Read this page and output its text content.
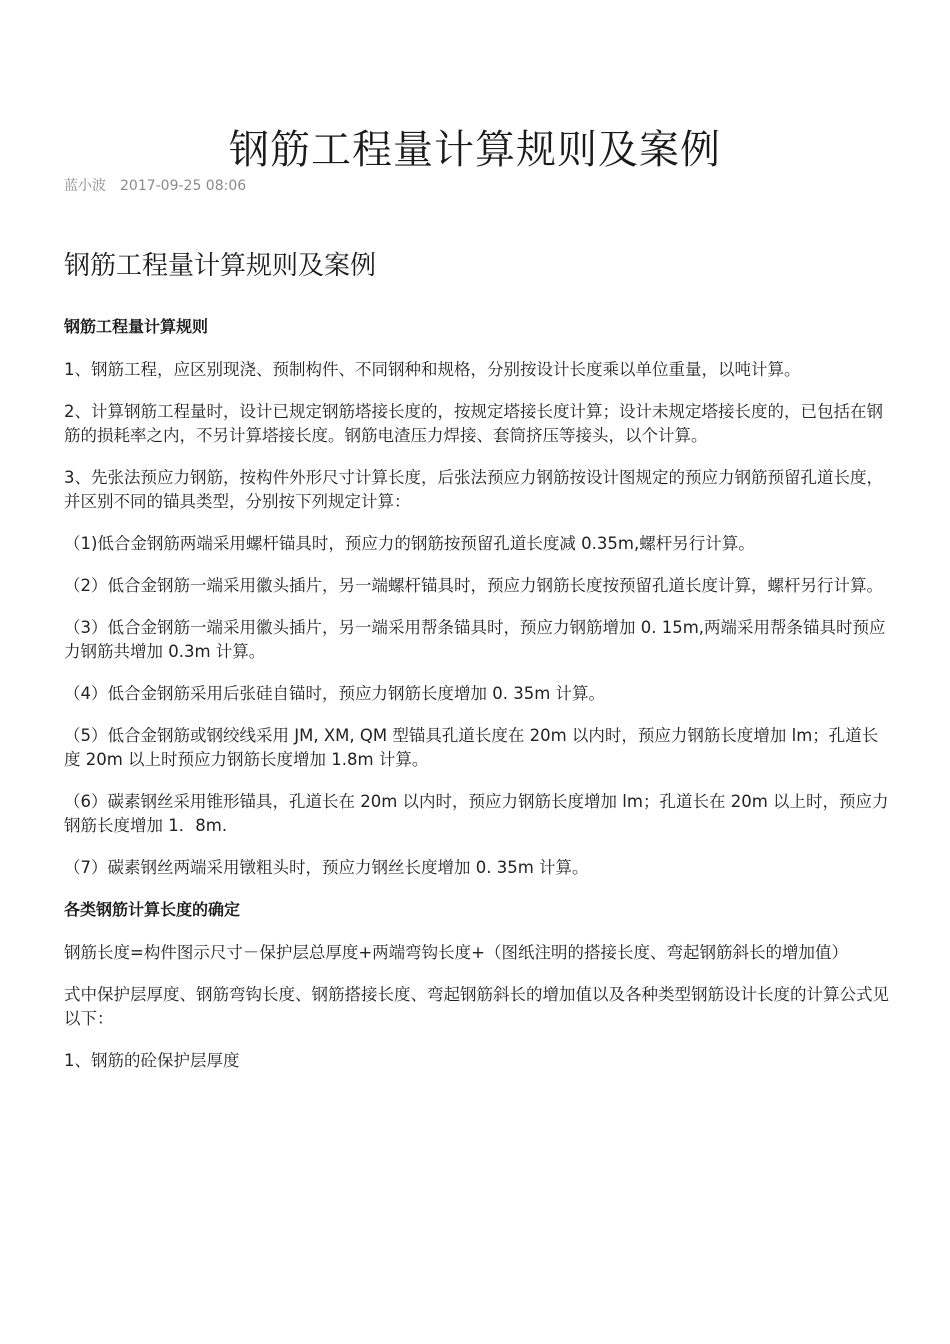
钢筋工程量计算规则及案例
蓝小波 2017-09-25 08:06
钢筋工程量计算规则及案例
钢筋工程量计算规则

1、钢筋工程，应区别现浇、预制构件、不同钢种和规格，分别按设计长度乘以单位重量，以吨计算。

2、计算钢筋工程量时，设计已规定钢筋塔接长度的，按规定塔接长度计算；设计未规定塔接长度的，已包括在钢筋的损耗率之内，不另计算塔接长度。钢筋电渣压力焊接、套筒挤压等接头，以个计算。

3、先张法预应力钢筋，按构件外形尺寸计算长度，后张法预应力钢筋按设计图规定的预应力钢筋预留孔道长度，并区别不同的锚具类型，分别按下列规定计算：

（1)低合金钢筋两端采用螺杆锚具时，预应力的钢筋按预留孔道长度减 0.35m,螺杆另行计算。

（2）低合金钢筋一端采用徽头插片，另一端螺杆锚具时，预应力钢筋长度按预留孔道长度计算，螺杆另行计算。

（3）低合金钢筋一端采用徽头插片，另一端采用帮条锚具时，预应力钢筋增加 0. 15m,两端采用帮条锚具时预应力钢筋共增加 0.3m 计算。

（4）低合金钢筋采用后张硅自锚时，预应力钢筋长度增加 0. 35m 计算。

（5）低合金钢筋或钢绞线采用 JM, XM, QM 型锚具孔道长度在 20m 以内时，预应力钢筋长度增加 lm；孔道长度 20m 以上时预应力钢筋长度增加 1.8m 计算。

（6）碳素钢丝采用锥形锚具，孔道长在 20m 以内时，预应力钢筋长度增加 lm；孔道长在 20m 以上时，预应力钢筋长度增加 1．8m.

（7）碳素钢丝两端采用镦粗头时，预应力钢丝长度增加 0. 35m 计算。

各类钢筋计算长度的确定

钢筋长度=构件图示尺寸－保护层总厚度+两端弯钩长度+（图纸注明的搭接长度、弯起钢筋斜长的增加值）

式中保护层厚度、钢筋弯钩长度、钢筋搭接长度、弯起钢筋斜长的增加值以及各种类型钢筋设计长度的计算公式见以下：

1、钢筋的砼保护层厚度
